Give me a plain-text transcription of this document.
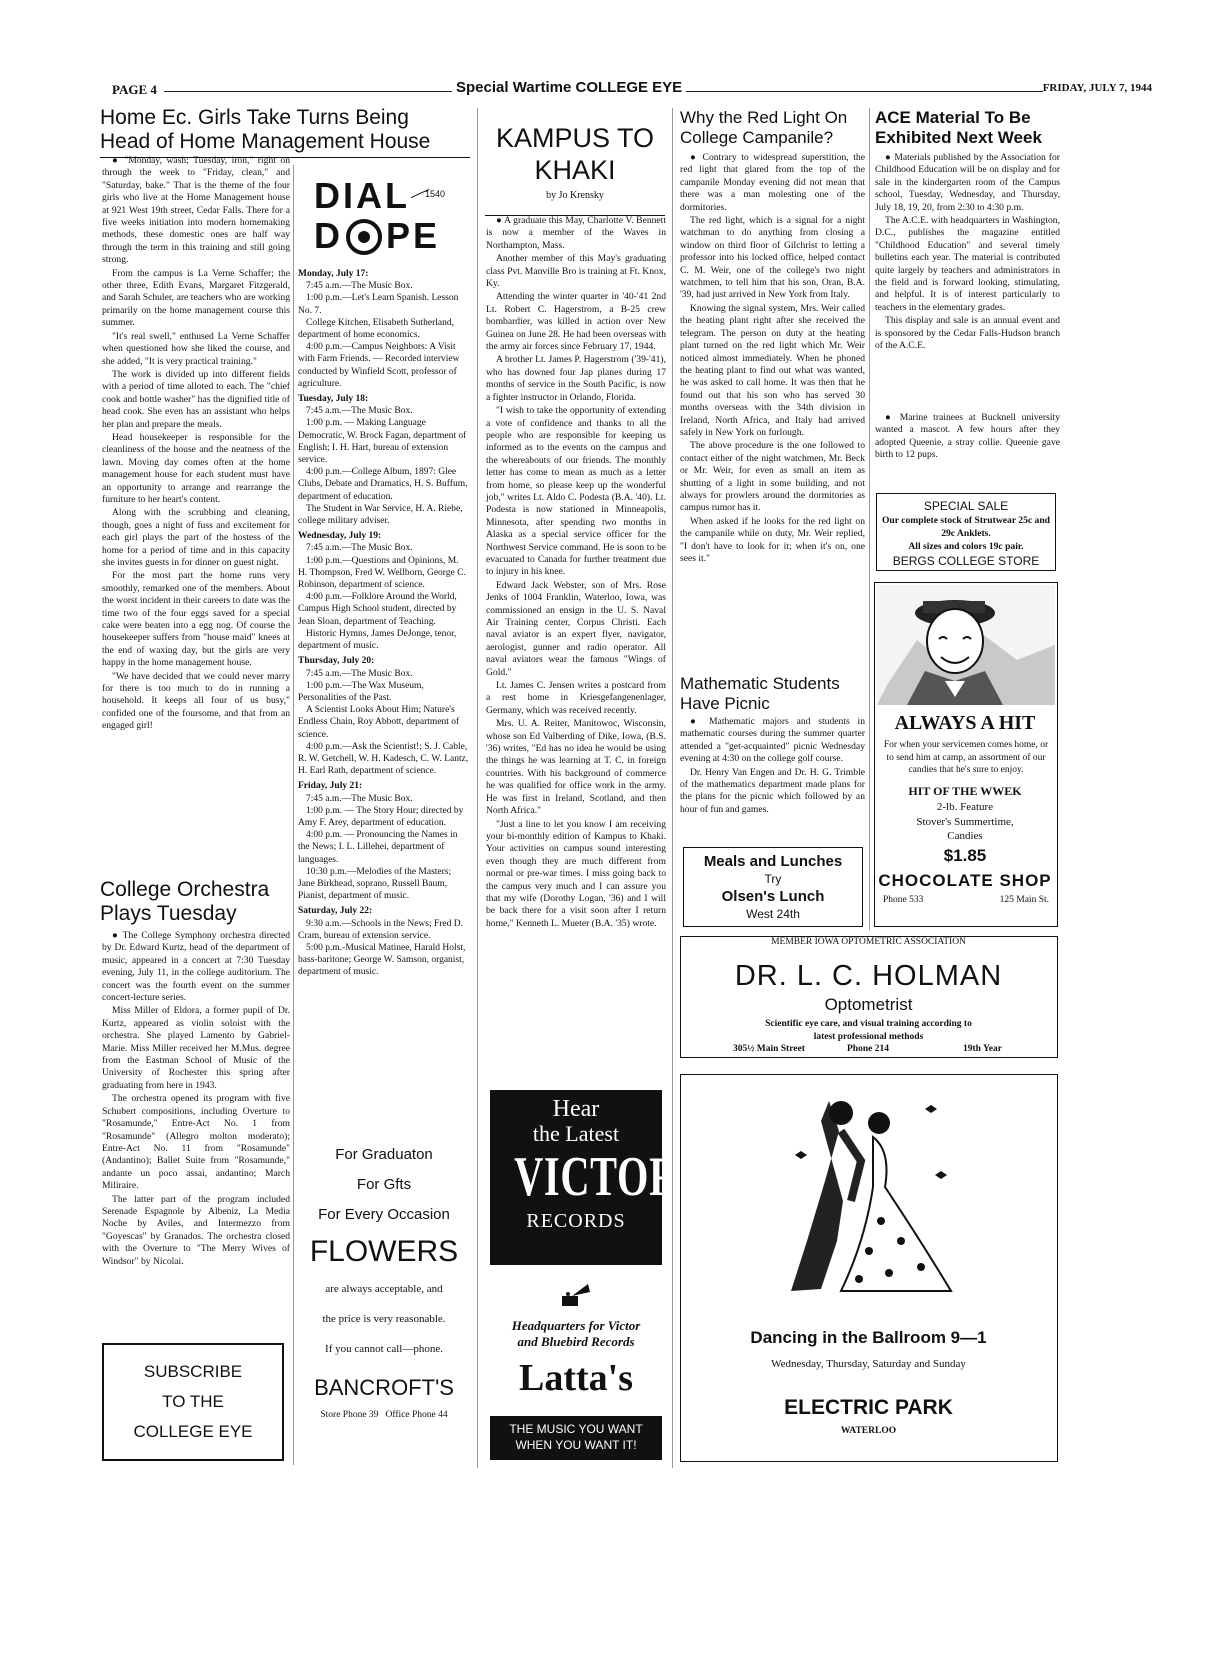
PAGE 4	Special Wartime COLLEGE EYE	FRIDAY, JULY 7, 1944
Home Ec. Girls Take Turns Being
Head of Home Management House

● "Monday, wash; Tuesday, iron," right on through the week to "Friday, clean," and "Saturday, bake." That is the theme of the four girls who live at the Home Management house at 921 West 19th street, Cedar Falls. There for a five weeks initiation into modern homemaking methods, these domestic ones are half way through the term in this training and still going strong.

From the campus is La Verne Schaffer; the other three, Edith Evans, Margaret Fitzgerald, and Sarah Schuler, are teachers who are working primarily on the home management course this summer.

"It's real swell," enthused La Verne Schaffer when questioned how she liked the course, and she added, "It is very practical training."

The work is divided up into different fields with a period of time alloted to each. The "chief cook and bottle washer" has the dignified title of head cook. She even has an assistant who helps her plan and prepare the meals.

Head housekeeper is responsible for the cleanliness of the house and the neatness of the lawn. Moving day comes often at the home management house for each student must have an opportunity to arrange and rearrange the furniture to her heart's content.

Along with the scrubbing and cleaning, though, goes a night of fuss and excitement for each girl plays the part of the hostess of the home for a period of time and in this capacity she invites guests in for dinner on guest night.

For the most part the home runs very smoothly, remarked one of the members. About the worst incident in their careers to date was the time two of the four eggs saved for a special cake were beaten into a egg nog. Of course the housekeeper suffers from "house maid" knees at the end of waxing day, but the girls are very happy in the home management house.

"We have decided that we could never marry for there is too much to do in running a household. It keeps all four of us busy," confided one of the foursome, and that from an engaged girl!

College Orchestra
Plays Tuesday

● The College Symphony orchestra directed by Dr. Edward Kurtz, head of the department of music, appeared in a concert at 7:30 Tuesday evening, July 11, in the college auditorium. The concert was the fourth event on the summer concert-lecture series.

Miss Miller of Eldora, a former pupil of Dr. Kurtz, appeared as violin soloist with the orchestra. She played Lamento by Gabriel-Marie. Miss Miller received her M.Mus. degree from the Eastman School of Music of the University of Rochester this spring after graduating from here in 1943.

The orchestra opened its program with five Schubert compositions, including Overture to "Rosamunde," Entre-Act No. 1 from "Rosamunde" (Allegro molton moderato); Entre-Act No. 11 from "Rosamunde" (Andantino); Ballet Suite from "Rosamunde," andante un poco assai, andantino; March Miliraire.

The latter part of the program included Serenade Espagnole by Albeniz, La Media Noche by Aviles, and Intermezzo from "Goyescas" by Granados. The orchestra closed with the Overture to "The Merry Wives of Windsor" by Nicolai.

SUBSCRIBE
TO THE
COLLEGE EYE
DIAL 1540
D PE
Monday, July 17:
7:45 a.m.—The Music Box.
1:00 p.m.—Let's Learn Spanish. Lesson No. 7.
College Kitchen, Elisabeth Sutherland, department of home economics.
4:00 p.m.—Campus Neighbors: A Visit with Farm Friends. — Recorded interview conducted by Winfield Scott, professor of agriculture.
Tuesday, July 18:
7:45 a.m.—The Music Box.
1:00 p.m. — Making Language Democratic, W. Brock Fagan, department of English; I. H. Hart, bureau of extension service.
4:00 p.m.—College Album, 1897: Glee Clubs, Debate and Dramatics, H. S. Buffum, department of education.
The Student in War Service, H. A. Riebe, college military adviser.
Wednesday, July 19:
7:45 a.m.—The Music Box.
1:00 p.m.—Questions and Opinions, M. H. Thompson, Fred W. Wellborn, George C. Robinson, department of science.
4:00 p.m.—Folklore Around the World, Campus High School student, directed by Jean Sloan, department of Teaching.
Historic Hymns, James DeJonge, tenor, department of music.
Thursday, July 20:
7:45 a.m.—The Music Box.
1:00 p.m.—The Wax Museum, Personalities of the Past.
A Scientist Looks About Him; Nature's Endless Chain, Roy Abbott, department of science.
4:00 p.m.—Ask the Scientist!; S. J. Cable, R. W. Getchell, W. H. Kadesch, C. W. Lantz, H. Earl Rath, department of science.
Friday, July 21:
7:45 a.m.—The Music Box.
1:00 p.m. — The Story Hour; directed by Amy F. Arey, department of education.
4:00 p.m. — Pronouncing the Names in the News; I. L. Lillehei, department of languages.
10:30 p.m.—Melodies of the Masters; Jane Birkhead, soprano, Russell Baum, Pianist, department of music.
Saturday, July 22:
9:30 a.m.—Schools in the News; Fred D. Cram, bureau of extension service.
5:00 p.m.-Musical Matinee, Harald Holst, bass-baritone; George W. Samson, organist, department of music.
For Graduaton
For Gfts
For Every Occasion
FLOWERS
are always acceptable, and
the price is very reasonable.
If you cannot call—phone.
BANCROFT'S
Store Phone 39   Office Phone 44
KAMPUS TO
KHAKI
by Jo Krensky

● A graduate this May, Charlotte V. Bennett is now a member of the Waves in Northampton, Mass.

Another member of this May's graduating class Pvt. Manville Bro is training at Ft. Knox, Ky.

Attending the winter quarter in '40-'41 2nd Lt. Robert C. Hagerstrom, a B-25 crew bombardier, was killed in action over New Guinea on June 28. He had been overseas with the army air forces since February 17, 1944.

A brother Lt. James P. Hagerstrom ('39-'41), who has downed four Jap planes during 17 months of service in the South Pacific, is now a fighter instructor in Orlando, Florida.

"I wish to take the opportunity of extending a vote of confidence and thanks to all the people who are responsible for keeping us informed as to the events on the campus and the whereabouts of our friends. The monthly letter has come to mean as much as a letter from home, so please keep up the wonderful job," writes Lt. Aldo C. Podesta (B.A. '40). Lt. Podesta is now stationed in Minneapolis, Minnesota, after spending two months in Alaska as a special service officer for the Northwest Service command. He is soon to be evacuated to Canada for further treatment due to injury in his knee.

Edward Jack Webster, son of Mrs. Rose Jenks of 1004 Franklin, Waterloo, Iowa, was commissioned an ensign in the U. S. Naval Air Training center, Corpus Christi. Each naval aviator is an expert flyer, navigator, aerologist, gunner and radio operator. All naval aviators wear the famous "Wings of Gold."

Lt. James C. Jensen writes a postcard from a rest home in Kriesgefangenenlager, Germany, which was received recently.

Mrs. U. A. Reiter, Manitowoc, Wisconsin, whose son Ed Valberding of Dike, Iowa, (B.S. '36) writes, "Ed has no idea he would be using the things he was learning at T. C. in foreign countries. With his background of commerce he was qualified for office work in the army. He was first in Ireland, Scotland, and then North Africa."

"Just a line to let you know I am receiving your bi-monthly edition of Kampus to Khaki. Your activities on campus sound interesting even though they are much different from normal or pre-war times. I miss going back to the campus very much and I can assure you that my wife (Dorothy Logan, '36) and I will be back there for a visit soon after I return home," Kenneth L. Mueter (B.A. '35) wrote.

Hear
the Latest
VICTOR
RECORDS
Headquarters for Victor
and Bluebird Records
Latta's
THE MUSIC YOU WANT
WHEN YOU WANT IT!
Why the Red Light On
College Campanile?

● Contrary to widespread superstition, the red light that glared from the top of the campanile Monday evening did not mean that there was a man molesting one of the dormitories.

The red light, which is a signal for a night watchman to do anything from closing a window on third floor of Gilchrist to letting a professor into his locked office, helped contact C. M. Weir, one of the college's two night watchmen, to tell him that his son, Oran, B.A. '39, had just arrived in New York from Italy.

Knowing the signal system, Mrs. Weir called the heating plant right after she received the telegram. The person on duty at the heating plant turned on the red light which Mr. Weir noticed almost immediately. When he phoned the heating plant to find out what was wanted, he was asked to call home. It was then that he found out that his son who has served 30 months overseas with the 34th division in Ireland, North Africa, and Italy had arrived safely in New York on furlough.

The above procedure is the one followed to contact either of the night watchmen, Mr. Beck or Mr. Weir, for even as small an item as shutting of a light in some building, and not always for prowlers around the dormitories as campus rumor has it.

When asked if he looks for the red light on the campanile while on duty, Mr. Weir replied, "I don't have to look for it; when it's on, one sees it."

Mathematic Students
Have Picnic

● Mathematic majors and students in mathematic courses during the summer quarter attended a "get-acquainted" picnic Wednesday evening at 4:30 on the college golf course.

Dr. Henry Van Engen and Dr. H. G. Trimble of the mathematics department made plans for the plans for the picnic which followed by an hour of fun and games.

Meals and Lunches
Try
Olsen's Lunch
West 24th
ACE Material To Be
Exhibited Next Week

● Materials published by the Association for Childhood Education will be on display and for sale in the kindergarten room of the Campus school, Tuesday, Wednesday, and Thursday, July 18, 19, 20, from 2:30 to 4:30 p.m.

The A.C.E. with headquarters in Washington, D.C., publishes the magazine entitled "Childhood Education" and several timely bulletins each year. The material is contributed quite largely by teachers and administrators in the field and is forward looking, stimulating, and helpful. It is of interest particularly to teachers in the elementary grades.

This display and sale is an annual event and is sponsored by the Cedar Falls-Hudson branch of the A.C.E.

● Marine trainees at Bucknell university wanted a mascot. A few hours after they adopted Queenie, a stray collie. Queenie gave birth to 12 pups.

SPECIAL SALE
Our complete stock of Strutwear 25c and 29c Anklets.
All sizes and colors 19c pair.
BERGS COLLEGE STORE
ALWAYS A HIT
For when your servicemen comes home, or to send him at camp, an assortment of our candies that he's sure to enjoy.
HIT OF THE WWEK
2-lb. Feature
Stover's Summertime,
Candies
$1.85
CHOCOLATE SHOP
Phone 533	125 Main St.
MEMBER IOWA OPTOMETRIC ASSOCIATION
DR. L. C. HOLMAN
Optometrist
Scientific eye care, and visual training according to
latest professional methods
305½ Main Street	Phone 214	19th Year
Dancing in the Ballroom 9—1
Wednesday, Thursday, Saturday and Sunday
ELECTRIC PARK
WATERLOO
